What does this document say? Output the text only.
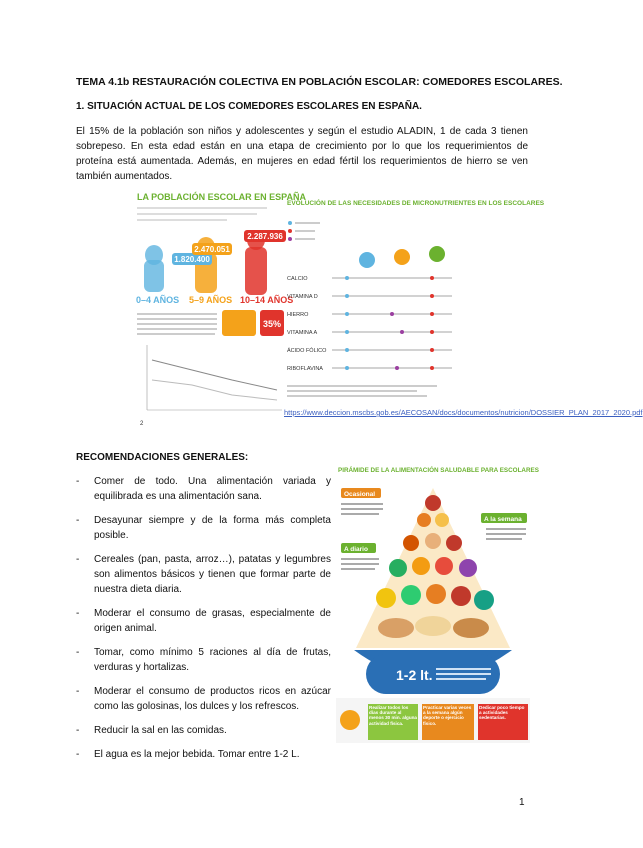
TEMA 4.1b RESTAURACIÓN COLECTIVA EN POBLACIÓN ESCOLAR: COMEDORES ESCOLARES.
1. SITUACIÓN ACTUAL DE LOS COMEDORES ESCOLARES EN ESPAÑA.
El 15% de la población son niños y adolescentes y según el estudio ALADIN, 1 de cada 3 tienen sobrepeso. En esta edad están en una etapa de crecimiento por lo que los requerimientos de proteína está aumentada. Además, en mujeres en edad fértil los requerimientos de hierro se ven también aumentados.
LA POBLACIÓN ESCOLAR EN ESPAÑA
1.820.400
2.470.051
2.287.936
0–4 AÑOS 5–9 AÑOS 10–14 AÑOS
35%
2
EVOLUCIÓN DE LAS NECESIDADES DE MICRONUTRIENTES EN LOS ESCOLARES
CALCIO
VITAMINA D
HIERRO
VITAMINA A
ÁCIDO FÓLICO
RIBOFLAVINA
https://www.deccion.mscbs.gob.es/AECOSAN/docs/documentos/nutricion/DOSSIER_PLAN_2017_2020.pdf
RECOMENDACIONES GENERALES:
- Comer de todo. Una alimentación variada y equilibrada es una alimentación sana.
- Desayunar siempre y de la forma más completa posible.
- Cereales (pan, pasta, arroz…), patatas y legumbres son alimentos básicos y tienen que formar parte de nuestra dieta diaria.
- Moderar el consumo de grasas, especialmente de origen animal.
- Tomar, como mínimo 5 raciones al día de frutas, verduras y hortalizas.
- Moderar el consumo de productos ricos en azúcar como las golosinas, los dulces y los refrescos.
- Reducir la sal en las comidas.
- El agua es la mejor bebida. Tomar entre 1-2 L.
PIRÁMIDE DE LA ALIMENTACIÓN SALUDABLE PARA ESCOLARES
Ocasional
A diario
A la semana
1-2 lt.
Realizar todos los días durante al menos 30 min. alguna actividad física.
Practicar varias veces a la semana algún deporte o ejercicio físico.
Dedicar poco tiempo a actividades sedentarias.
1
